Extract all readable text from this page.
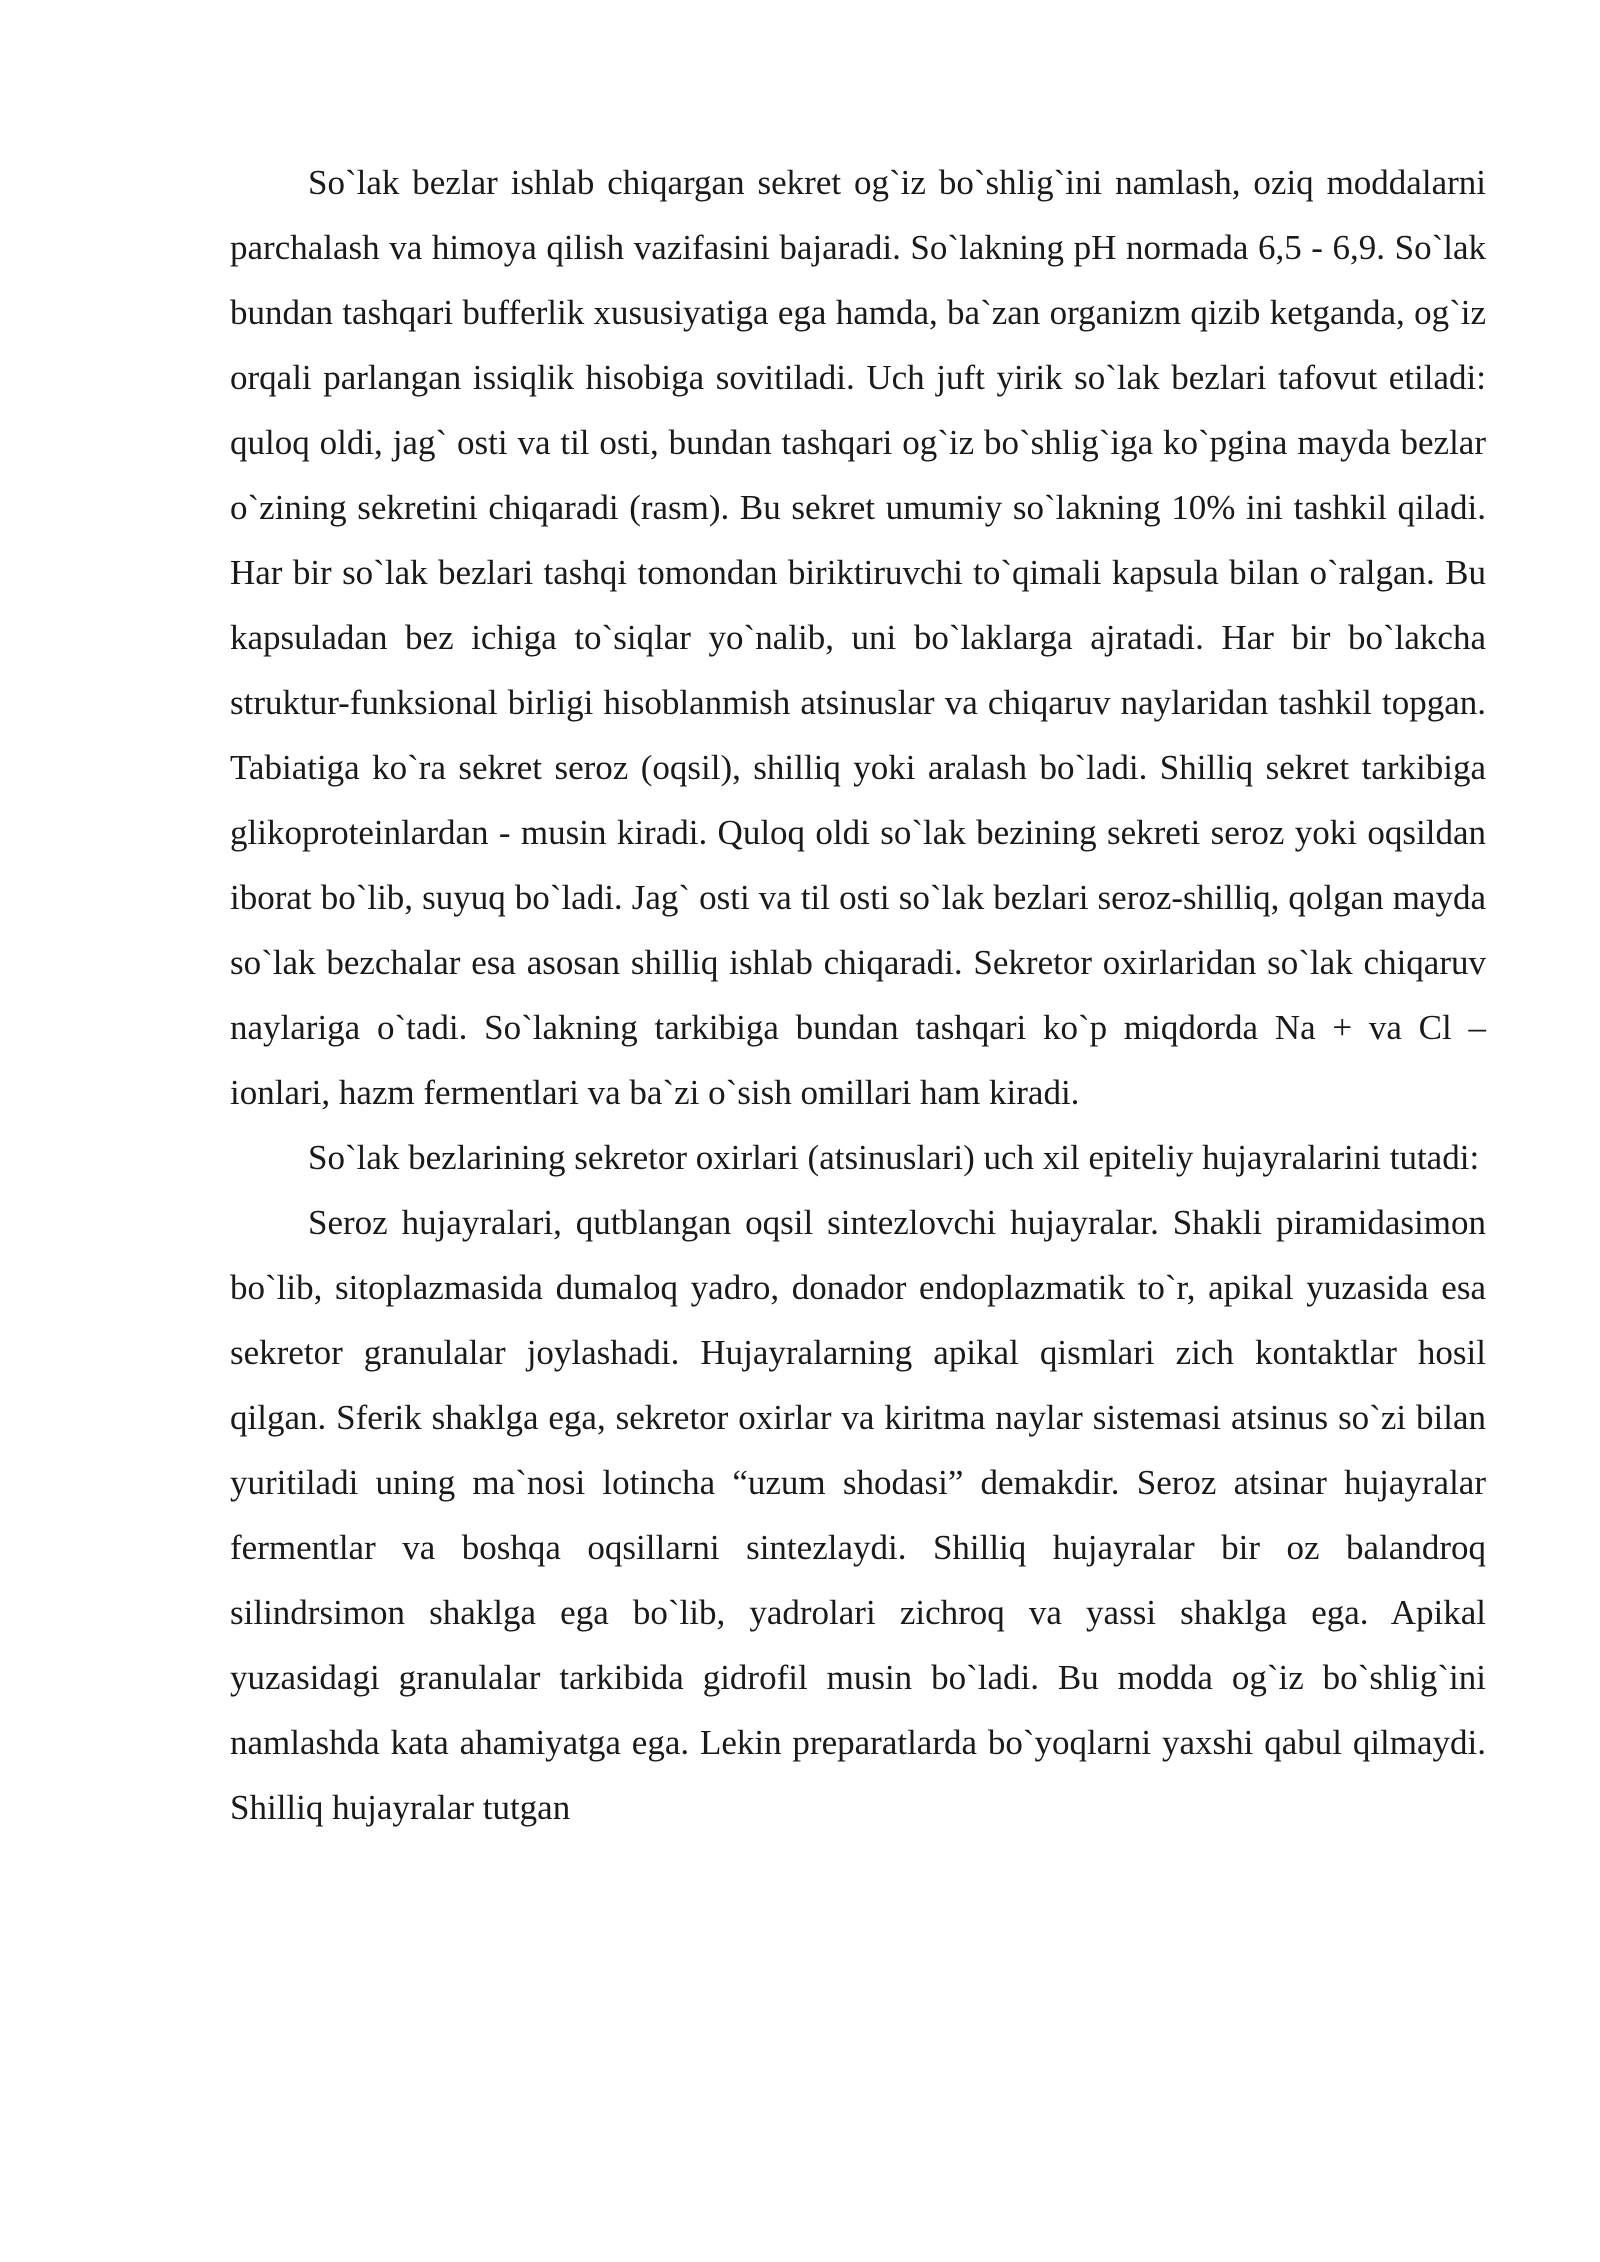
So`lak bezlar ishlab chiqargan sekret og`iz bo`shlig`ini namlash, oziq moddalarni parchalash va himoya qilish vazifasini bajaradi. So`lakning pH normada 6,5 - 6,9. So`lak bundan tashqari bufferlik xususiyatiga ega hamda, ba`zan organizm qizib ketganda, og`iz orqali parlangan issiqlik hisobiga sovitiladi. Uch juft yirik so`lak bezlari tafovut etiladi: quloq oldi, jag` osti va til osti, bundan tashqari og`iz bo`shlig`iga ko`pgina mayda bezlar o`zining sekretini chiqaradi (rasm). Bu sekret umumiy so`lakning 10% ini tashkil qiladi. Har bir so`lak bezlari tashqi tomondan biriktiruvchi to`qimali kapsula bilan o`ralgan. Bu kapsuladan bez ichiga to`siqlar yo`nalib, uni bo`laklarga ajratadi. Har bir bo`lakcha struktur-funksional birligi hisoblanmish atsinuslar va chiqaruv naylaridan tashkil topgan. Tabiatiga ko`ra sekret seroz (oqsil), shilliq yoki aralash bo`ladi. Shilliq sekret tarkibiga glikoproteinlardan - musin kiradi. Quloq oldi so`lak bezining sekreti seroz yoki oqsildan iborat bo`lib, suyuq bo`ladi. Jag` osti va til osti so`lak bezlari seroz-shilliq, qolgan mayda so`lak bezchalar esa asosan shilliq ishlab chiqaradi. Sekretor oxirlaridan so`lak chiqaruv naylariga o`tadi. So`lakning tarkibiga bundan tashqari ko`p miqdorda Na + va Cl – ionlari, hazm fermentlari va ba`zi o`sish omillari ham kiradi.

So`lak bezlarining sekretor oxirlari (atsinuslari) uch xil epiteliy hujayralarini tutadi:

Seroz hujayralari, qutblangan oqsil sintezlovchi hujayralar. Shakli piramidasimon bo`lib, sitoplazmasida dumaloq yadro, donador endoplazmatik to`r, apikal yuzasida esa sekretor granulalar joylashadi. Hujayralarning apikal qismlari zich kontaktlar hosil qilgan. Sferik shaklga ega, sekretor oxirlar va kiritma naylar sistemasi atsinus so`zi bilan yuritiladi uning ma`nosi lotincha “uzum shodasi” demakdir. Seroz atsinar hujayralar fermentlar va boshqa oqsillarni sintezlaydi. Shilliq hujayralar bir oz balandroq silindrsimon shaklga ega bo`lib, yadrolari zichroq va yassi shaklga ega. Apikal yuzasidagi granulalar tarkibida gidrofil musin bo`ladi. Bu modda og`iz bo`shlig`ini namlashda kata ahamiyatga ega. Lekin preparatlarda bo`yoqlarni yaxshi qabul qilmaydi. Shilliq hujayralar tutgan
